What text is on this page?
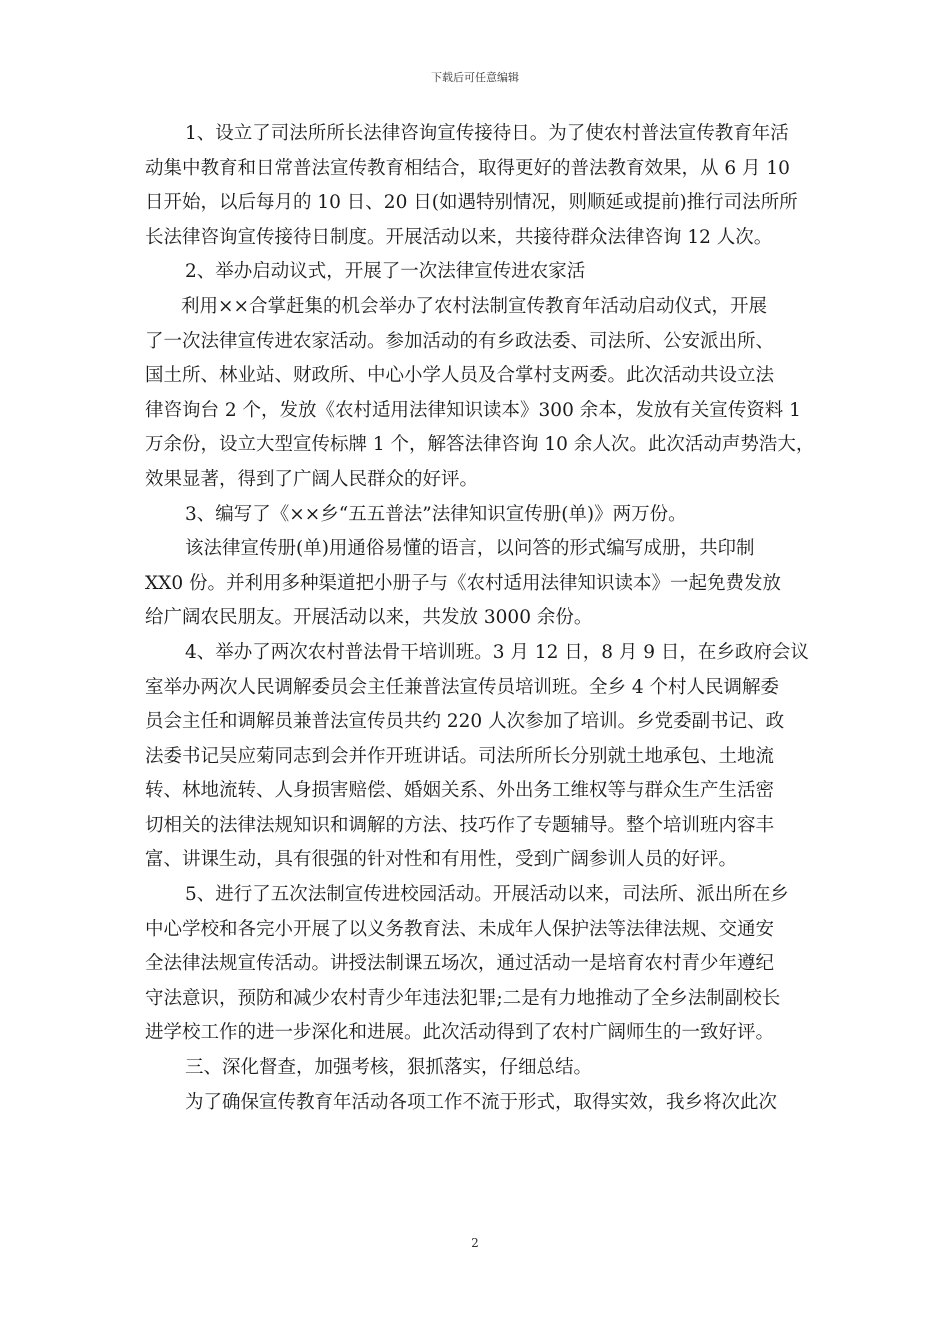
下载后可任意编辑
1、设立了司法所所长法律咨询宣传接待日。为了使农村普法宣传教育年活
动集中教育和日常普法宣传教育相结合，取得更好的普法教育效果，从 6 月 10
日开始，以后每月的 10 日、20 日(如遇特别情况，则顺延或提前)推行司法所所
长法律咨询宣传接待日制度。开展活动以来，共接待群众法律咨询 12 人次。
2、举办启动议式，开展了一次法律宣传进农家活
利用××合掌赶集的机会举办了农村法制宣传教育年活动启动仪式，开展
了一次法律宣传进农家活动。参加活动的有乡政法委、司法所、公安派出所、
国土所、林业站、财政所、中心小学人员及合掌村支两委。此次活动共设立法
律咨询台 2 个，发放《农村适用法律知识读本》300 余本，发放有关宣传资料 1
万余份，设立大型宣传标牌 1 个，解答法律咨询 10 余人次。此次活动声势浩大，
效果显著，得到了广阔人民群众的好评。
3、编写了《××乡“五五普法”法律知识宣传册(单)》两万份。
该法律宣传册(单)用通俗易懂的语言，以问答的形式编写成册，共印制
XX0 份。并利用多种渠道把小册子与《农村适用法律知识读本》一起免费发放
给广阔农民朋友。开展活动以来，共发放 3000 余份。
4、举办了两次农村普法骨干培训班。3 月 12 日，8 月 9 日，在乡政府会议
室举办两次人民调解委员会主任兼普法宣传员培训班。全乡 4 个村人民调解委
员会主任和调解员兼普法宣传员共约 220 人次参加了培训。乡党委副书记、政
法委书记吴应菊同志到会并作开班讲话。司法所所长分别就土地承包、土地流
转、林地流转、人身损害赔偿、婚姻关系、外出务工维权等与群众生产生活密
切相关的法律法规知识和调解的方法、技巧作了专题辅导。整个培训班内容丰
富、讲课生动，具有很强的针对性和有用性，受到广阔参训人员的好评。
5、进行了五次法制宣传进校园活动。开展活动以来，司法所、派出所在乡
中心学校和各完小开展了以义务教育法、未成年人保护法等法律法规、交通安
全法律法规宣传活动。讲授法制课五场次，通过活动一是培育农村青少年遵纪
守法意识，预防和减少农村青少年违法犯罪;二是有力地推动了全乡法制副校长
进学校工作的进一步深化和进展。此次活动得到了农村广阔师生的一致好评。
三、深化督查，加强考核，狠抓落实，仔细总结。
为了确保宣传教育年活动各项工作不流于形式，取得实效，我乡将次此次
2
